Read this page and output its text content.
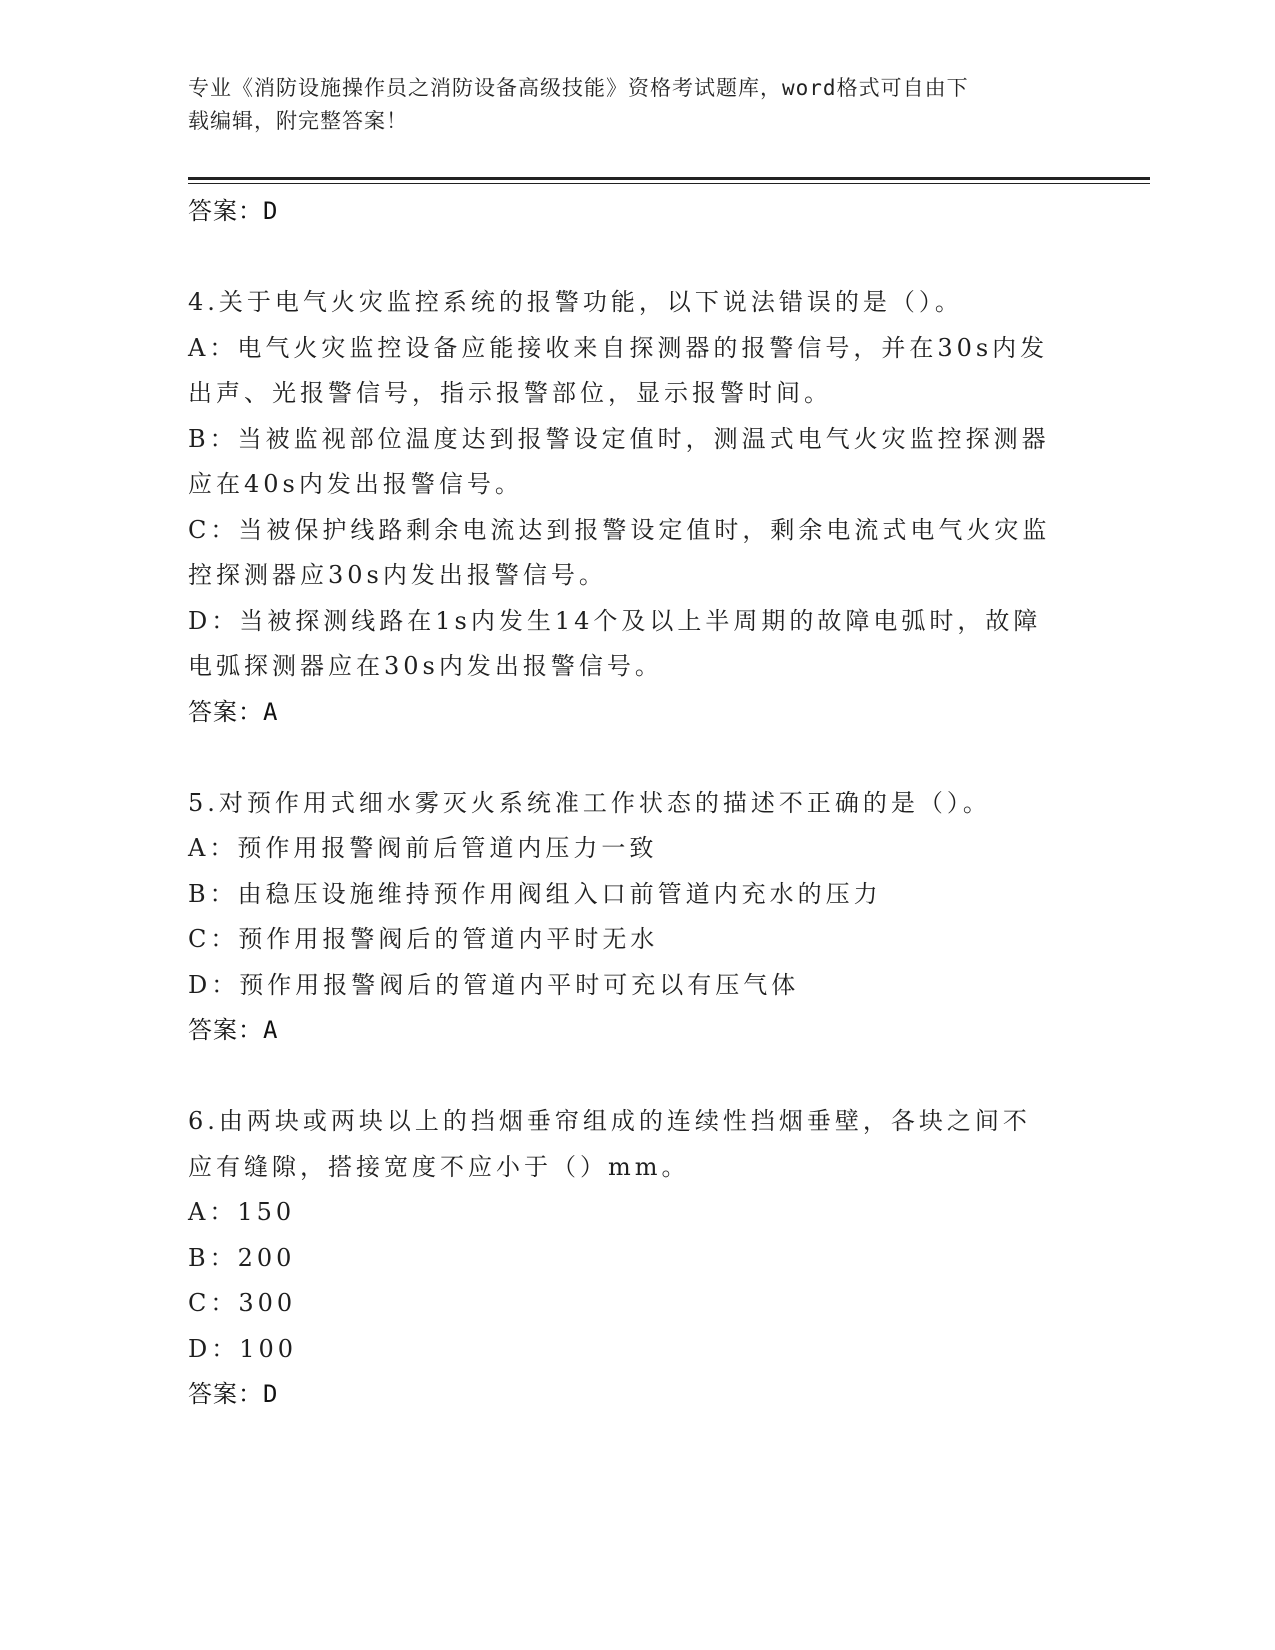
专业《消防设施操作员之消防设备高级技能》资格考试题库，word格式可自由下
载编辑，附完整答案！
答案：D
4.关于电气火灾监控系统的报警功能，以下说法错误的是（）。
A：电气火灾监控设备应能接收来自探测器的报警信号，并在30s内发
出声、光报警信号，指示报警部位，显示报警时间。
B：当被监视部位温度达到报警设定值时，测温式电气火灾监控探测器
应在40s内发出报警信号。
C：当被保护线路剩余电流达到报警设定值时，剩余电流式电气火灾监
控探测器应30s内发出报警信号。
D：当被探测线路在1s内发生14个及以上半周期的故障电弧时，故障
电弧探测器应在30s内发出报警信号。
答案：A
5.对预作用式细水雾灭火系统准工作状态的描述不正确的是（）。
A：预作用报警阀前后管道内压力一致
B：由稳压设施维持预作用阀组入口前管道内充水的压力
C：预作用报警阀后的管道内平时无水
D：预作用报警阀后的管道内平时可充以有压气体
答案：A
6.由两块或两块以上的挡烟垂帘组成的连续性挡烟垂壁，各块之间不
应有缝隙，搭接宽度不应小于（）mm。
A：150
B：200
C：300
D：100
答案：D
